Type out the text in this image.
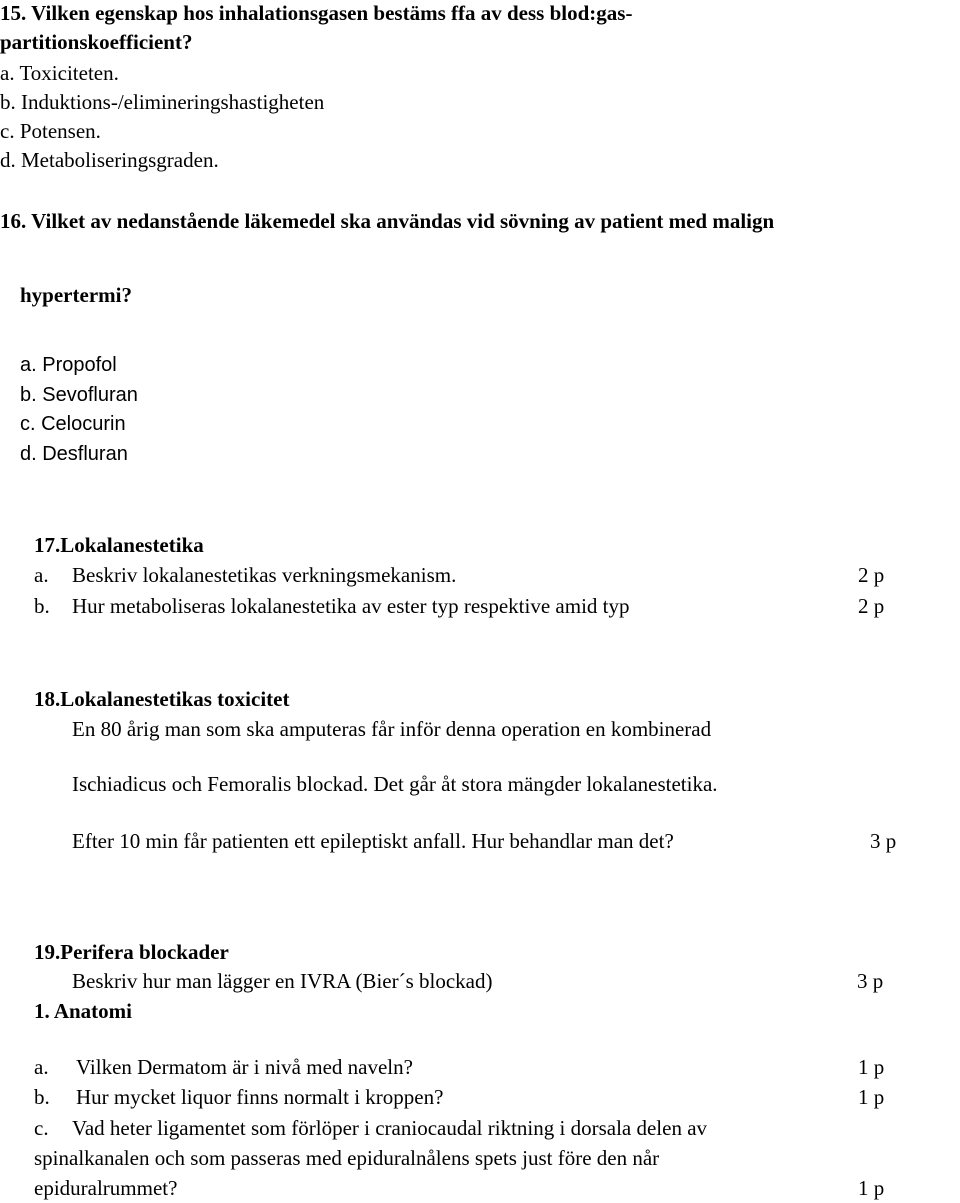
15. Vilken egenskap hos inhalationsgasen bestäms ffa av dess blod:gas-
partitionskoefficient?
a. Toxiciteten.
b. Induktions-/elimineringshastigheten
c. Potensen.
d. Metaboliseringsgraden.
16. Vilket av nedanstående läkemedel ska användas vid sövning av patient med malign
hypertermi?
a. Propofol
b. Sevofluran
c. Celocurin
d. Desfluran
17.Lokalanestetika
a. Beskriv lokalanestetikas verkningsmekanism.	2 p
b. Hur metaboliseras lokalanestetika av ester typ respektive amid typ	2 p
18.Lokalanestetikas toxicitet
En 80 årig man som ska amputeras får inför denna operation en kombinerad
Ischiadicus och Femoralis blockad. Det går åt stora mängder lokalanestetika.
Efter 10 min får patienten ett epileptiskt anfall. Hur behandlar man det?	3 p
19.Perifera blockader
Beskriv hur man lägger en IVRA (Bier´s blockad)	3 p
1. Anatomi
a. Vilken Dermatom är i nivå med naveln?	1 p
b. Hur mycket liquor finns normalt i kroppen?	1 p
c. Vad heter ligamentet som förlöper i craniocaudal riktning i dorsala delen av
spinalkanalen och som passeras med epiduralnålens spets just före den når
epiduralrummet?	1 p
